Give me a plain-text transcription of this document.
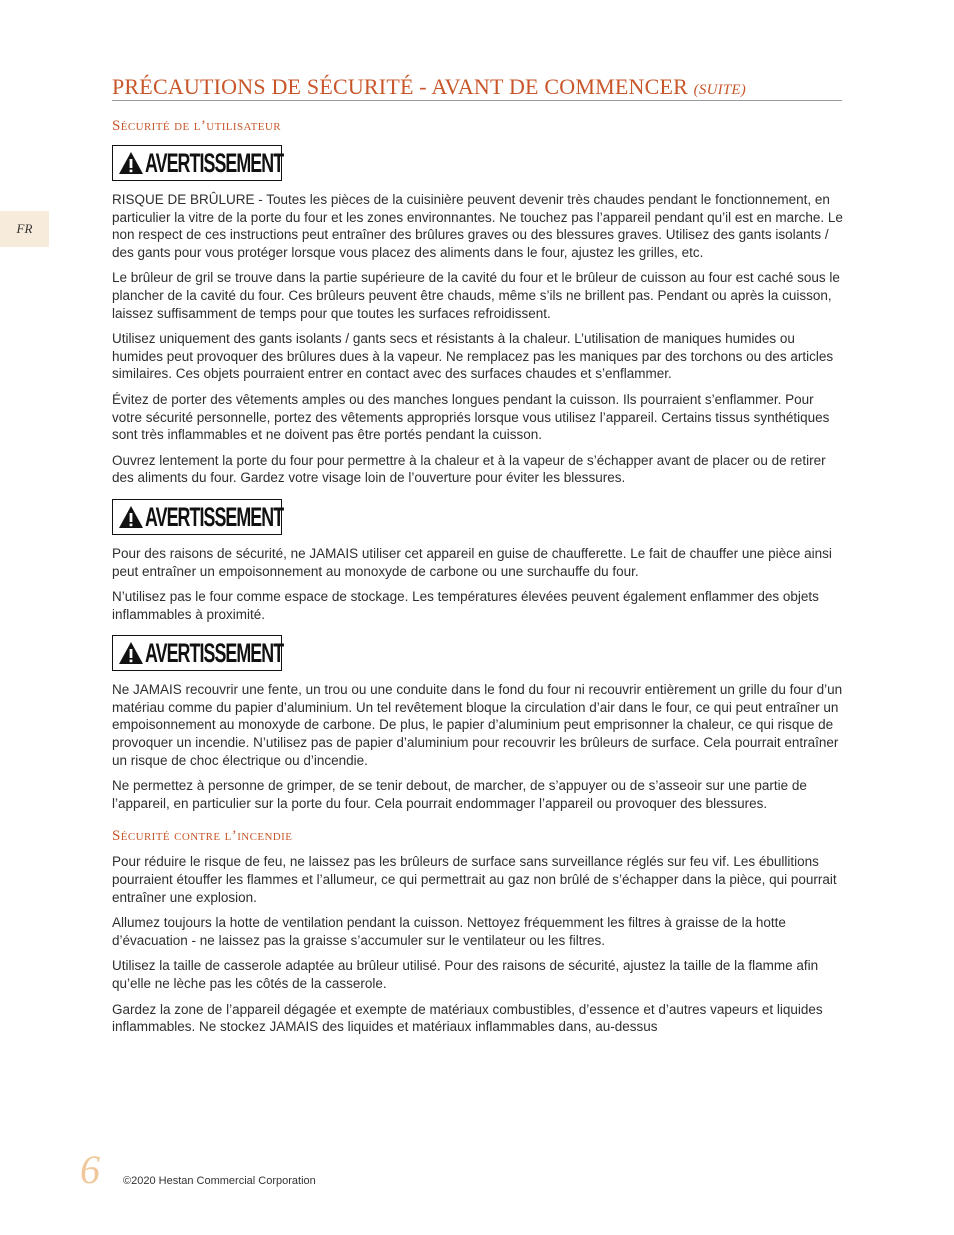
PRÉCAUTIONS DE SÉCURITÉ - AVANT DE COMMENCER (SUITE)
FR
Sécurité de l’utilisateur
AVERTISSEMENT

RISQUE DE BRÛLURE - Toutes les pièces de la cuisinière peuvent devenir très chaudes pendant le fonctionnement, en particulier la vitre de la porte du four et les zones environnantes. Ne touchez pas l’appareil pendant qu’il est en marche. Le non respect de ces instructions peut entraîner des brûlures graves ou des blessures graves. Utilisez des gants isolants / des gants pour vous protéger lorsque vous placez des aliments dans le four, ajustez les grilles, etc.

Le brûleur de gril se trouve dans la partie supérieure de la cavité du four et le brûleur de cuisson au four est caché sous le plancher de la cavité du four. Ces brûleurs peuvent être chauds, même s’ils ne brillent pas. Pendant ou après la cuisson, laissez suffisamment de temps pour que toutes les surfaces refroidissent.

Utilisez uniquement des gants isolants / gants secs et résistants à la chaleur. L’utilisation de maniques humides ou humides peut provoquer des brûlures dues à la vapeur. Ne remplacez pas les maniques par des torchons ou des articles similaires. Ces objets pourraient entrer en contact avec des surfaces chaudes et s’enflammer.

Évitez de porter des vêtements amples ou des manches longues pendant la cuisson. Ils pourraient s’enflammer. Pour votre sécurité personnelle, portez des vêtements appropriés lorsque vous utilisez l’appareil. Certains tissus synthétiques sont très inflammables et ne doivent pas être portés pendant la cuisson.

Ouvrez lentement la porte du four pour permettre à la chaleur et à la vapeur de s’échapper avant de placer ou de retirer des aliments du four. Gardez votre visage loin de l’ouverture pour éviter les blessures.

AVERTISSEMENT

Pour des raisons de sécurité, ne JAMAIS utiliser cet appareil en guise de chaufferette. Le fait de chauffer une pièce ainsi peut entraîner un empoisonnement au monoxyde de carbone ou une surchauffe du four.

N’utilisez pas le four comme espace de stockage. Les températures élevées peuvent également enflammer des objets inflammables à proximité.

AVERTISSEMENT

Ne JAMAIS recouvrir une fente, un trou ou une conduite dans le fond du four ni recouvrir entièrement un grille du four d’un matériau comme du papier d’aluminium. Un tel revêtement bloque la circulation d’air dans le four, ce qui peut entraîner un empoisonnement au monoxyde de carbone. De plus, le papier d’aluminium peut emprisonner la chaleur, ce qui risque de provoquer un incendie. N’utilisez pas de papier d’aluminium pour recouvrir les brûleurs de surface. Cela pourrait entraîner un risque de choc électrique ou d’incendie.

Ne permettez à personne de grimper, de se tenir debout, de marcher, de s’appuyer ou de s’asseoir sur une partie de l’appareil, en particulier sur la porte du four. Cela pourrait endommager l’appareil ou provoquer des blessures.

Sécurité contre l’incendie

Pour réduire le risque de feu, ne laissez pas les brûleurs de surface sans surveillance réglés sur feu vif. Les ébullitions pourraient étouffer les flammes et l’allumeur, ce qui permettrait au gaz non brûlé de s’échapper dans la pièce, qui pourrait entraîner une explosion.

Allumez toujours la hotte de ventilation pendant la cuisson. Nettoyez fréquemment les filtres à graisse de la hotte d’évacuation - ne laissez pas la graisse s’accumuler sur le ventilateur ou les filtres.

Utilisez la taille de casserole adaptée au brûleur utilisé. Pour des raisons de sécurité, ajustez la taille de la flamme afin qu’elle ne lèche pas les côtés de la casserole.

Gardez la zone de l’appareil dégagée et exempte de matériaux combustibles, d’essence et d’autres vapeurs et liquides inflammables. Ne stockez JAMAIS des liquides et matériaux inflammables dans, au-dessus

6 ©2020 Hestan Commercial Corporation
